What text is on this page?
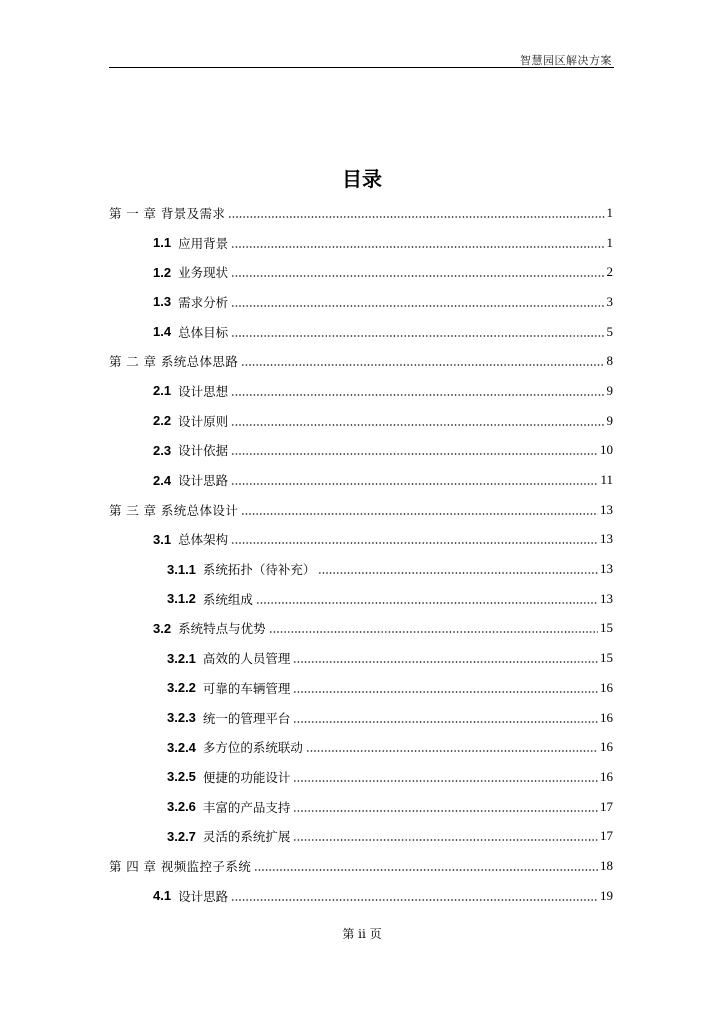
智慧园区解决方案
目录
第 一 章 背景及需求	1
1.1 应用背景	1
1.2 业务现状	2
1.3 需求分析	3
1.4 总体目标	5
第 二 章 系统总体思路	8
2.1 设计思想	9
2.2 设计原则	9
2.3 设计依据	10
2.4 设计思路	11
第 三 章 系统总体设计	13
3.1 总体架构	13
3.1.1 系统拓扑（待补充）	13
3.1.2 系统组成	13
3.2 系统特点与优势	15
3.2.1 高效的人员管理	15
3.2.2 可靠的车辆管理	16
3.2.3 统一的管理平台	16
3.2.4 多方位的系统联动	16
3.2.5 便捷的功能设计	16
3.2.6 丰富的产品支持	17
3.2.7 灵活的系统扩展	17
第 四 章 视频监控子系统	18
4.1 设计思路	19
第 ii 页
